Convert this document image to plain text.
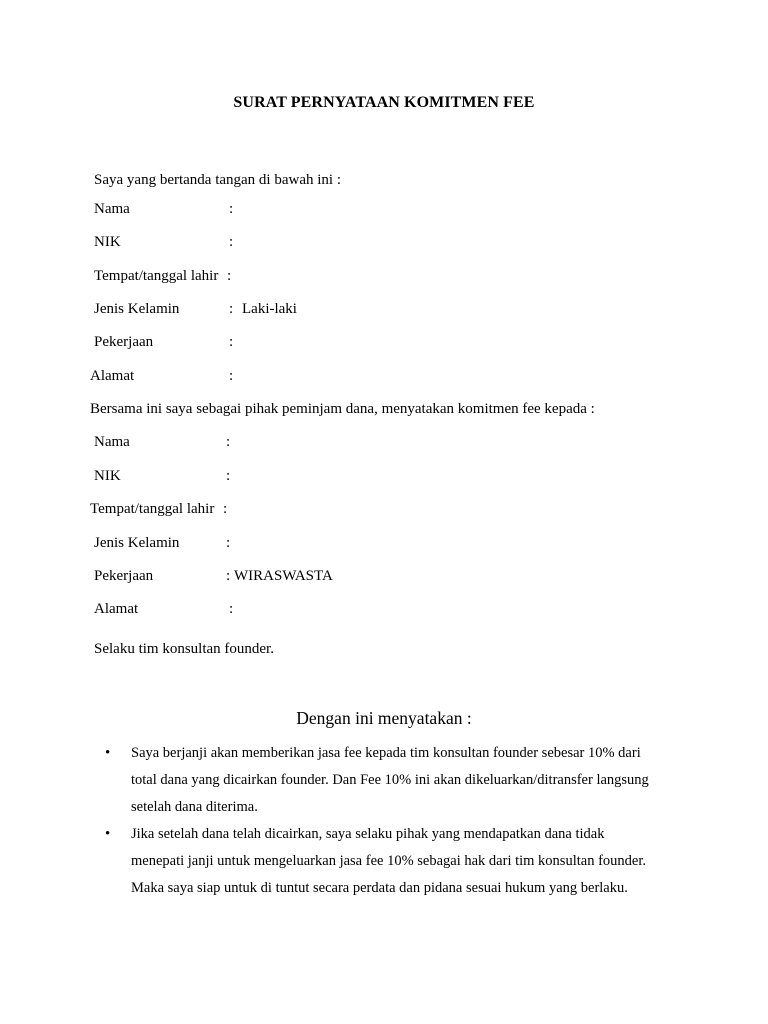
SURAT PERNYATAAN KOMITMEN FEE
Saya yang bertanda tangan di bawah ini :
Nama	:
NIK	:
Tempat/tanggal lahir :
Jenis Kelamin	: Laki-laki
Pekerjaan	:
Alamat	:
Bersama ini saya sebagai pihak peminjam dana, menyatakan komitmen fee kepada :
Nama	:
NIK	:
Tempat/tanggal lahir :
Jenis Kelamin	:
Pekerjaan	: WIRASWASTA
Alamat	:
Selaku tim konsultan founder.
Dengan ini menyatakan :
• Saya berjanji akan memberikan jasa fee kepada tim konsultan founder sebesar 10% dari
total dana yang dicairkan founder. Dan Fee 10% ini akan dikeluarkan/ditransfer langsung
setelah dana diterima.
• Jika setelah dana telah dicairkan, saya selaku pihak yang mendapatkan dana tidak
menepati janji untuk mengeluarkan jasa fee 10% sebagai hak dari tim konsultan founder.
Maka saya siap untuk di tuntut secara perdata dan pidana sesuai hukum yang berlaku.
